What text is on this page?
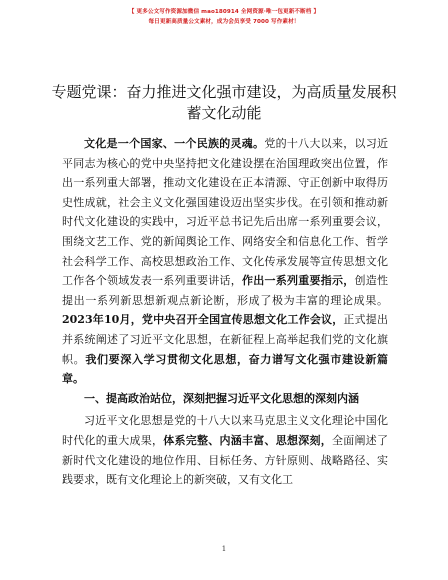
【 更多公文写作资源加微信 mao180914 全网资源·唯一包更新不断档 】
每日更新高质量公文素材，成为会员享受 7000 写作素材！
专题党课：奋力推进文化强市建设，为高质量发展积蓄文化动能

文化是一个国家、一个民族的灵魂。党的十八大以来，以习近平同志为核心的党中央坚持把文化建设摆在治国理政突出位置，作出一系列重大部署，推动文化建设在正本清源、守正创新中取得历史性成就，社会主义文化强国建设迈出坚实步伐。在引领和推动新时代文化建设的实践中，习近平总书记先后出席一系列重要会议，围绕文艺工作、党的新闻舆论工作、网络安全和信息化工作、哲学社会科学工作、高校思想政治工作、文化传承发展等宣传思想文化工作各个领域发表一系列重要讲话，作出一系列重要指示，创造性提出一系列新思想新观点新论断，形成了极为丰富的理论成果。2023年10月，党中央召开全国宣传思想文化工作会议，正式提出并系统阐述了习近平文化思想，在新征程上高举起我们党的文化旗帜。我们要深入学习贯彻文化思想，奋力谱写文化强市建设新篇章。

一、提高政治站位，深刻把握习近平文化思想的深刻内涵

习近平文化思想是党的十八大以来马克思主义文化理论中国化时代化的重大成果，体系完整、内涵丰富、思想深刻，全面阐述了新时代文化建设的地位作用、目标任务、方针原则、战略路径、实践要求，既有文化理论上的新突破，又有文化工

1
